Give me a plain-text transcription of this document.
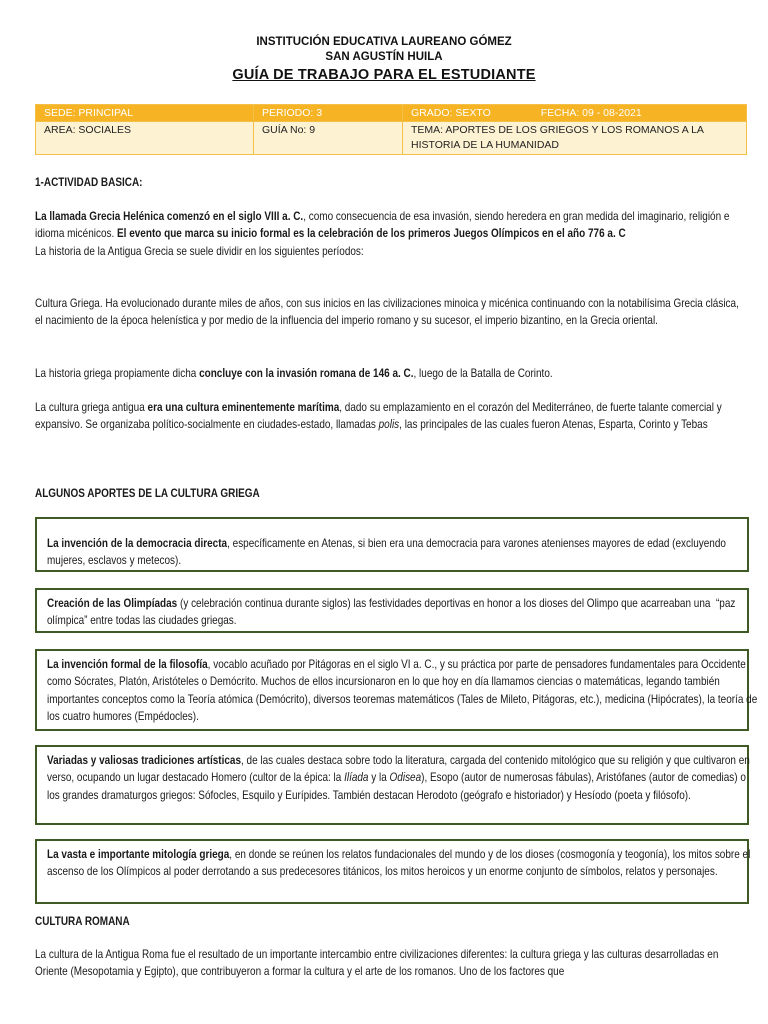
INSTITUCIÓN EDUCATIVA LAUREANO GÓMEZ
SAN AGUSTÍN HUILA
GUÍA DE TRABAJO PARA EL ESTUDIANTE
SEDE: PRINCIPAL	PERIODO: 3	GRADO: SEXTO FECHA: 09 - 08-2021
AREA: SOCIALES	GUÍA No: 9	TEMA: APORTES DE LOS GRIEGOS Y LOS ROMANOS A LA HISTORIA DE LA HUMANIDAD
1-ACTIVIDAD BASICA:
La llamada Grecia Helénica comenzó en el siglo VIII a. C., como consecuencia de esa invasión, siendo heredera en gran medida del imaginario, religión e idioma micénicos. El evento que marca su inicio formal es la celebración de los primeros Juegos Olímpicos en el año 776 a. C
La historia de la Antigua Grecia se suele dividir en los siguientes períodos:
Cultura Griega. Ha evolucionado durante miles de años, con sus inicios en las civilizaciones minoica y micénica continuando con la notabilísima Grecia clásica, el nacimiento de la época helenística y por medio de la influencia del imperio romano y su sucesor, el imperio bizantino, en la Grecia oriental.
La historia griega propiamente dicha concluye con la invasión romana de 146 a. C., luego de la Batalla de Corinto.
La cultura griega antigua era una cultura eminentemente marítima, dado su emplazamiento en el corazón del Mediterráneo, de fuerte talante comercial y expansivo. Se organizaba político-socialmente en ciudades-estado, llamadas polis, las principales de las cuales fueron Atenas, Esparta, Corinto y Tebas
ALGUNOS APORTES DE LA CULTURA GRIEGA
La invención de la democracia directa, específicamente en Atenas, si bien era una democracia para varones atenienses mayores de edad (excluyendo mujeres, esclavos y metecos).
Creación de las Olimpíadas (y celebración continua durante siglos) las festividades deportivas en honor a los dioses del Olimpo que acarreaban una  “paz olímpica” entre todas las ciudades griegas.
La invención formal de la filosofía, vocablo acuñado por Pitágoras en el siglo VI a. C., y su práctica por parte de pensadores fundamentales para Occidente como Sócrates, Platón, Aristóteles o Demócrito. Muchos de ellos incursionaron en lo que hoy en día llamamos ciencias o matemáticas, legando también importantes conceptos como la Teoría atómica (Demócrito), diversos teoremas matemáticos (Tales de Mileto, Pitágoras, etc.), medicina (Hipócrates), la teoría de los cuatro humores (Empédocles).
Variadas y valiosas tradiciones artísticas, de las cuales destaca sobre todo la literatura, cargada del contenido mitológico que su religión y que cultivaron en verso, ocupando un lugar destacado Homero (cultor de la épica: la Ilíada y la Odisea), Esopo (autor de numerosas fábulas), Aristófanes (autor de comedias) o los grandes dramaturgos griegos: Sófocles, Esquilo y Eurípides. También destacan Herodoto (geógrafo e historiador) y Hesíodo (poeta y filósofo).
La vasta e importante mitología griega, en donde se reúnen los relatos fundacionales del mundo y de los dioses (cosmogonía y teogonía), los mitos sobre el ascenso de los Olímpicos al poder derrotando a sus predecesores titánicos, los mitos heroicos y un enorme conjunto de símbolos, relatos y personajes.
CULTURA ROMANA
La cultura de la Antigua Roma fue el resultado de un importante intercambio entre civilizaciones diferentes: la cultura griega y las culturas desarrolladas en Oriente (Mesopotamia y Egipto), que contribuyeron a formar la cultura y el arte de los romanos. Uno de los factores que
